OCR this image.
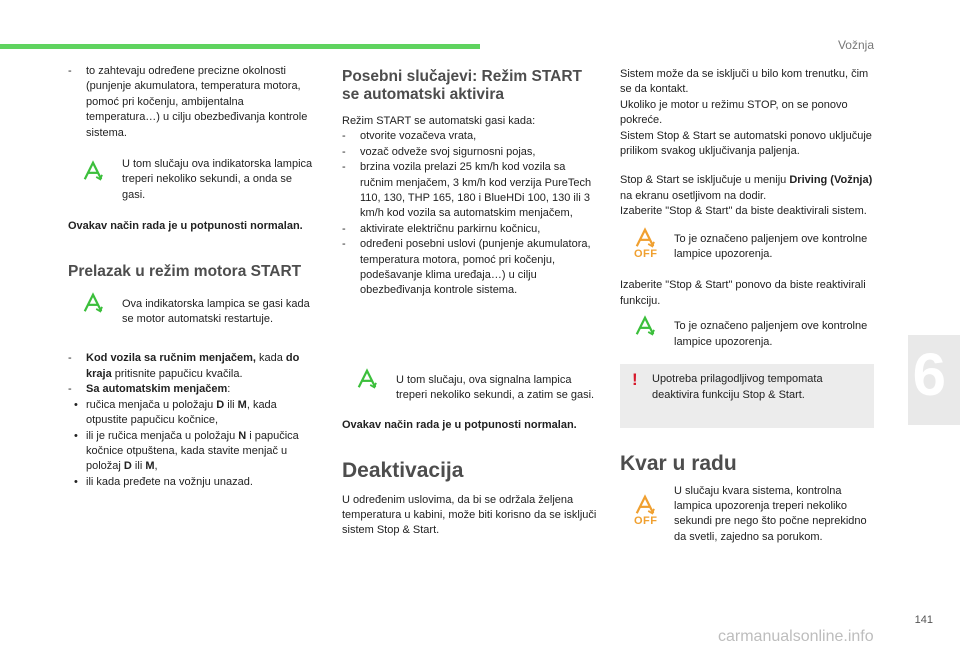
Vožnja
6
141
carmanualsonline.info

- to zahtevaju određene precizne okolnosti (punjenje akumulatora, temperatura motora, pomoć pri kočenju, ambijentalna temperatura…) u cilju obezbeđivanja kontrole sistema.

U tom slučaju ova indikatorska lampica treperi nekoliko sekundi, a onda se gasi.

Ovakav način rada je u potpunosti normalan.

Prelazak u režim motora START

Ova indikatorska lampica se gasi kada se motor automatski restartuje.

- Kod vozila sa ručnim menjačem, kada do kraja pritisnite papučicu kvačila.

- Sa automatskim menjačem:

• ručica menjača u položaju D ili M, kada otpustite papučicu kočnice,
• ili je ručica menjača u položaju N i papučica kočnice otpuštena, kada stavite menjač u položaj D ili M,
• ili kada pređete na vožnju unazad.

Posebni slučajevi: Režim START se automatski aktivira

Režim START se automatski gasi kada:

- otvorite vozačeva vrata,
- vozač odveže svoj sigurnosni pojas,
- brzina vozila prelazi 25 km/h kod vozila sa ručnim menjačem, 3 km/h kod verzija PureTech 110, 130, THP 165, 180 i BlueHDi 100, 130 ili 3 km/h kod vozila sa automatskim menjačem,
- aktivirate električnu parkirnu kočnicu,
- određeni posebni uslovi (punjenje akumulatora, temperatura motora, pomoć pri kočenju, podešavanje klima uređaja…) u cilju obezbeđivanja kontrole sistema.

U tom slučaju, ova signalna lampica treperi nekoliko sekundi, a zatim se gasi.

Ovakav način rada je u potpunosti normalan.

Deaktivacija

U određenim uslovima, da bi se održala željena temperatura u kabini, može biti korisno da se isključi sistem Stop & Start.

Sistem može da se isključi u bilo kom trenutku, čim se da kontakt.

Ukoliko je motor u režimu STOP, on se ponovo pokreće.

Sistem Stop & Start se automatski ponovo uključuje prilikom svakog uključivanja paljenja.

Stop & Start se isključuje u meniju Driving (Vožnja) na ekranu osetljivom na dodir.

Izaberite "Stop & Start" da biste deaktivirali sistem.

OFF

To je označeno paljenjem ove kontrolne lampice upozorenja.

Izaberite "Stop & Start" ponovo da biste reaktivirali funkciju.

To je označeno paljenjem ove kontrolne lampice upozorenja.

! Upotreba prilagodljivog tempomata deaktivira funkciju Stop & Start.

Kvar u radu

OFF

U slučaju kvara sistema, kontrolna lampica upozorenja treperi nekoliko sekundi pre nego što počne neprekidno da svetli, zajedno sa porukom.
